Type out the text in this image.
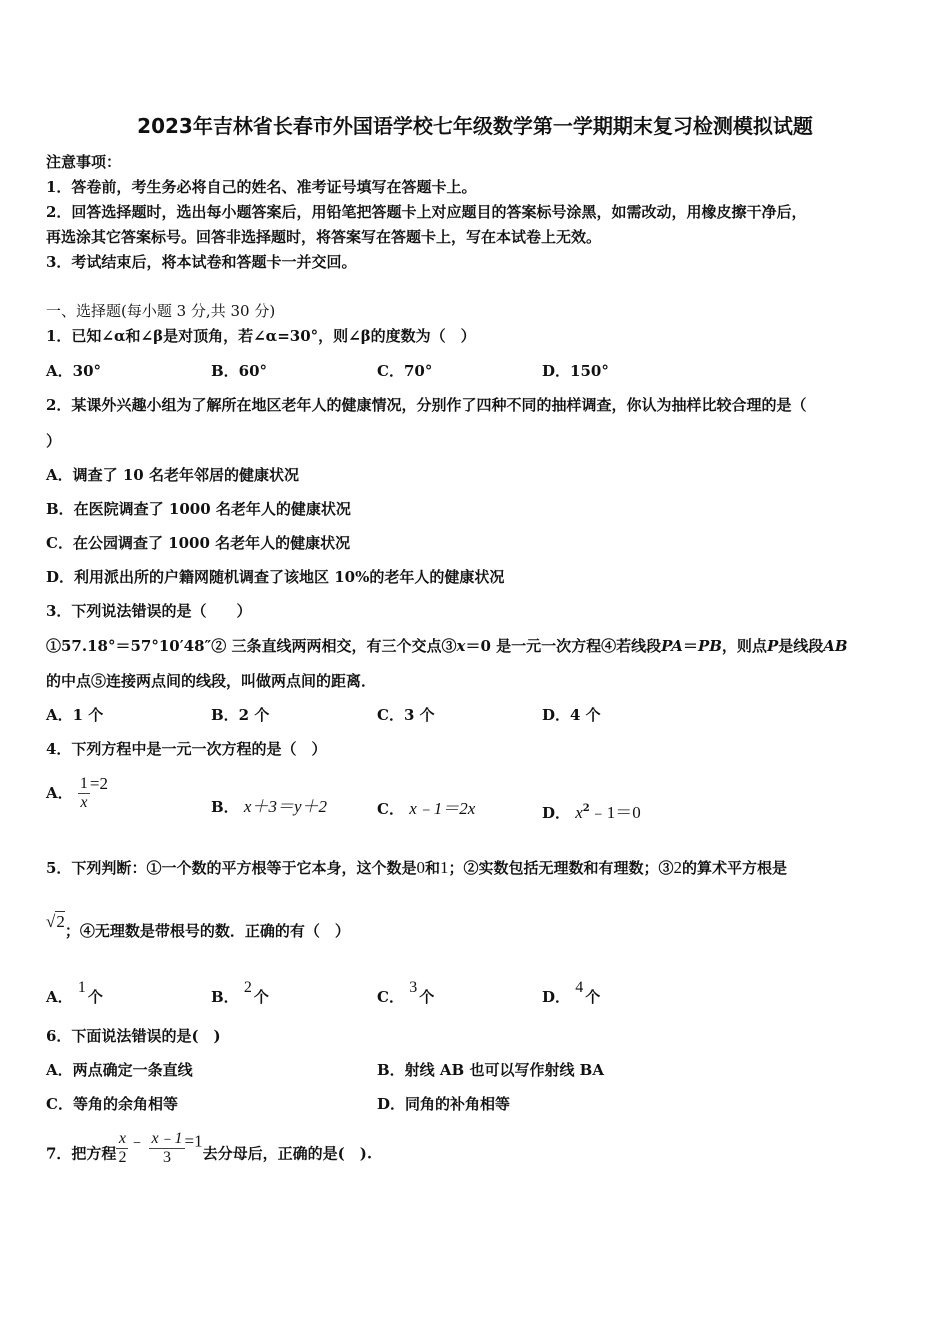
2023年吉林省长春市外国语学校七年级数学第一学期期末复习检测模拟试题
注意事项：
1．答卷前，考生务必将自己的姓名、准考证号填写在答题卡上。
2．回答选择题时，选出每小题答案后，用铅笔把答题卡上对应题目的答案标号涂黑，如需改动，用橡皮擦干净后，
再选涂其它答案标号。回答非选择题时，将答案写在答题卡上，写在本试卷上无效。
3．考试结束后，将本试卷和答题卡一并交回。
一、选择题(每小题 3 分,共 30 分)
1．已知∠α和∠β是对顶角，若∠α=30°，则∠β的度数为（　）
A．30°	B．60°	C．70°	D．150°
2．某课外兴趣小组为了解所在地区老年人的健康情况，分别作了四种不同的抽样调查，你认为抽样比较合理的是（
）
A．调查了 10 名老年邻居的健康状况
B．在医院调查了 1000 名老年人的健康状况
C．在公园调查了 1000 名老年人的健康状况
D．利用派出所的户籍网随机调查了该地区 10%的老年人的健康状况
3．下列说法错误的是（　　）
①57.18°＝57°10′48″② 三条直线两两相交，有三个交点③x＝0 是一元一次方程④若线段PA＝PB，则点P是线段AB
的中点⑤连接两点间的线段，叫做两点间的距离．
A．1 个	B．2 个	C．3 个	D．4 个
4．下列方程中是一元一次方程的是（　）
A． $\frac{1}{x} =2$
B． x＋3＝y＋2	C． x﹣1＝2x	D． $x^2﹣1=0$
5．下列判断：①一个数的平方根等于它本身，这个数是0和1；②实数包括无理数和有理数；③2的算术平方根是
√2；④无理数是带根号的数．正确的有（　）
A． 1个	B． 2个	C． 3个	D． 4个
6．下面说法错误的是(　)
A．两点确定一条直线	B．射线 AB 也可以写作射线 BA
C．等角的余角相等	D．同角的补角相等
7．把方程 $\frac{x}{2}$ ﹣ $\frac{x﹣1}{3} =1$去分母后，正确的是(　).
